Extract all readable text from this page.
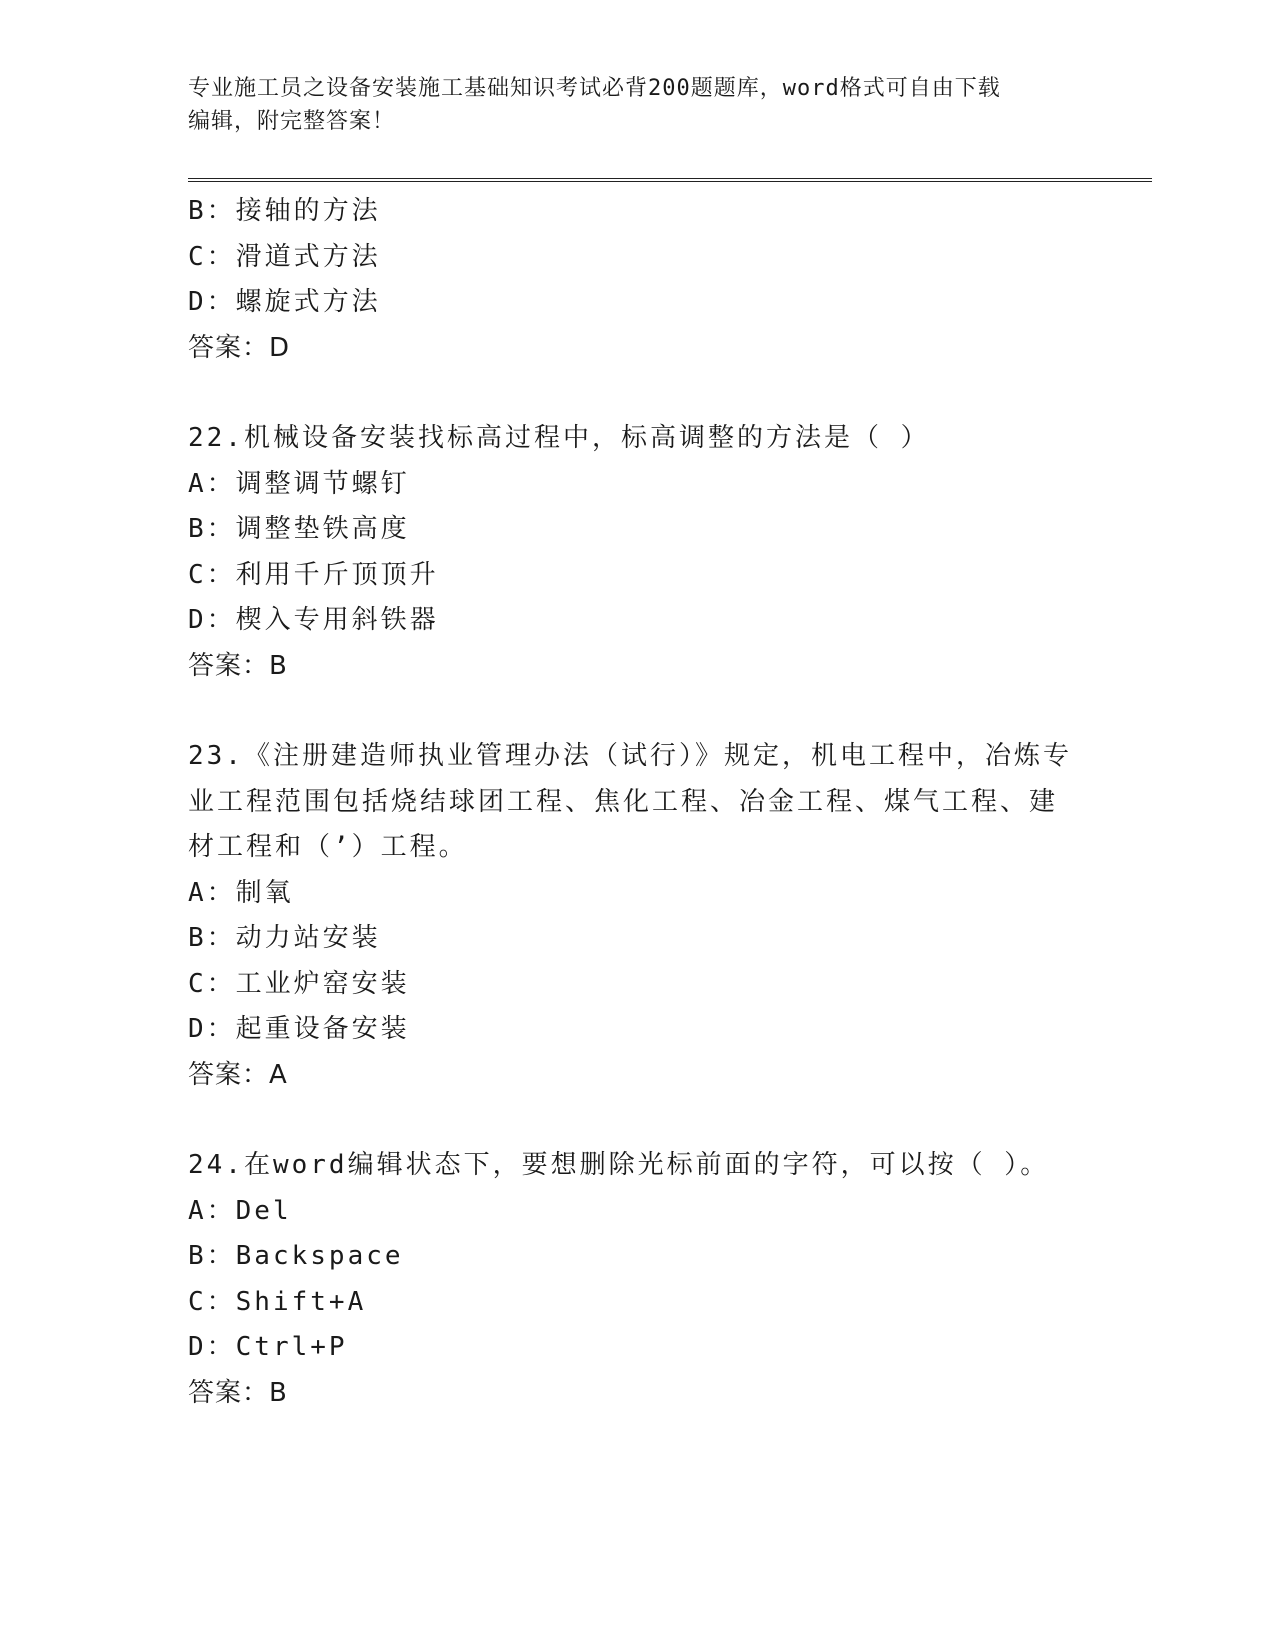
专业施工员之设备安装施工基础知识考试必背200题题库，word格式可自由下载
编辑，附完整答案！
B：接轴的方法
C：滑道式方法
D：螺旋式方法
答案：D
22.机械设备安装找标高过程中，标高调整的方法是（ ）
A：调整调节螺钉
B：调整垫铁高度
C：利用千斤顶顶升
D：楔入专用斜铁器
答案：B
23.《注册建造师执业管理办法（试行）》规定，机电工程中，冶炼专
业工程范围包括烧结球团工程、焦化工程、冶金工程、煤气工程、建
材工程和（’）工程。
A：制氧
B：动力站安装
C：工业炉窑安装
D：起重设备安装
答案：A
24.在word编辑状态下，要想删除光标前面的字符，可以按（ ）。
A：Del
B：Backspace
C：Shift+A
D：Ctrl+P
答案：B
